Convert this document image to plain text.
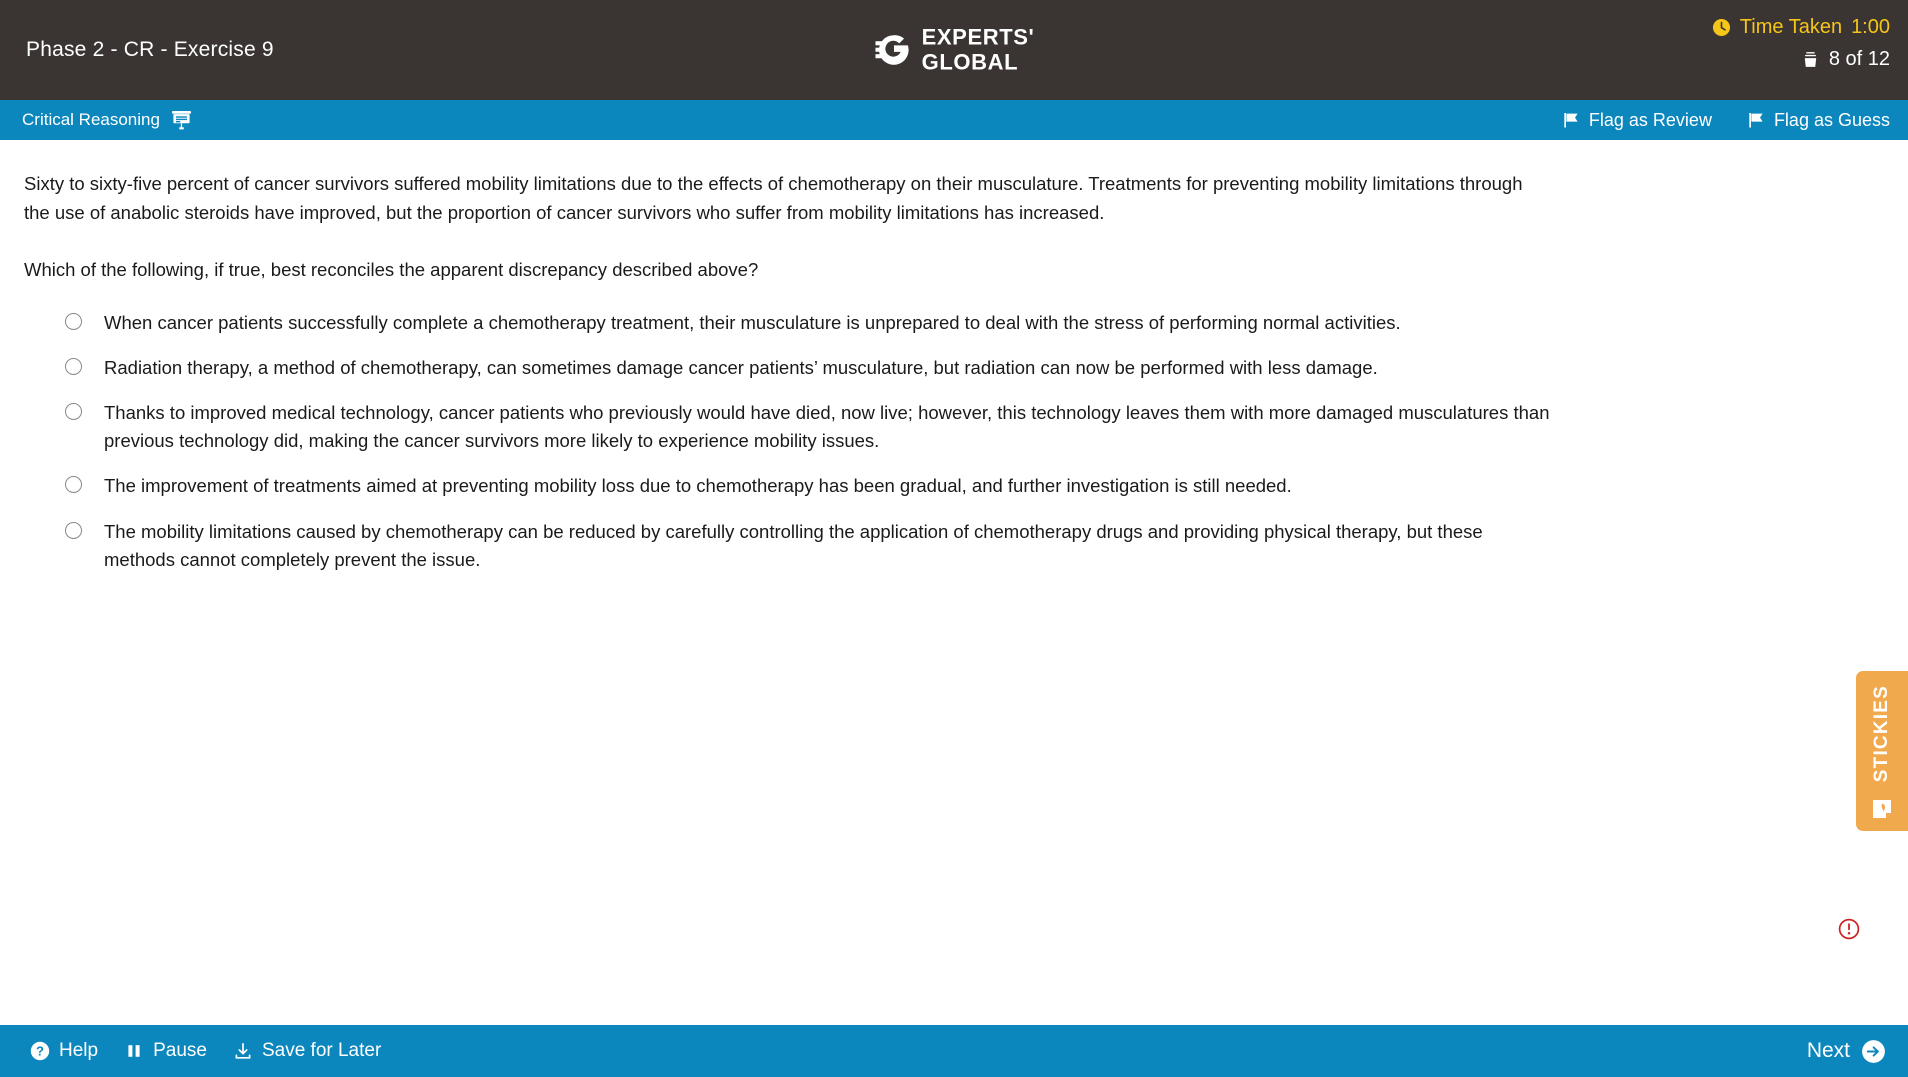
Phase 2 - CR - Exercise 9	EXPERTS'
GLOBAL
Time Taken 1:00
8 of 12
Critical Reasoning	Flag as Review	Flag as Guess
Sixty to sixty-five percent of cancer survivors suffered mobility limitations due to the effects of chemotherapy on their musculature. Treatments for preventing mobility limitations through the use of anabolic steroids have improved, but the proportion of cancer survivors who suffer from mobility limitations has increased.
Which of the following, if true, best reconciles the apparent discrepancy described above?
When cancer patients successfully complete a chemotherapy treatment, their musculature is unprepared to deal with the stress of performing normal activities.
Radiation therapy, a method of chemotherapy, can sometimes damage cancer patients’ musculature, but radiation can now be performed with less damage.
Thanks to improved medical technology, cancer patients who previously would have died, now live; however, this technology leaves them with more damaged musculatures than previous technology did, making the cancer survivors more likely to experience mobility issues.
The improvement of treatments aimed at preventing mobility loss due to chemotherapy has been gradual, and further investigation is still needed.
The mobility limitations caused by chemotherapy can be reduced by carefully controlling the application of chemotherapy drugs and providing physical therapy, but these methods cannot completely prevent the issue.
STICKIES
? Help	Pause	Save for Later	Next
